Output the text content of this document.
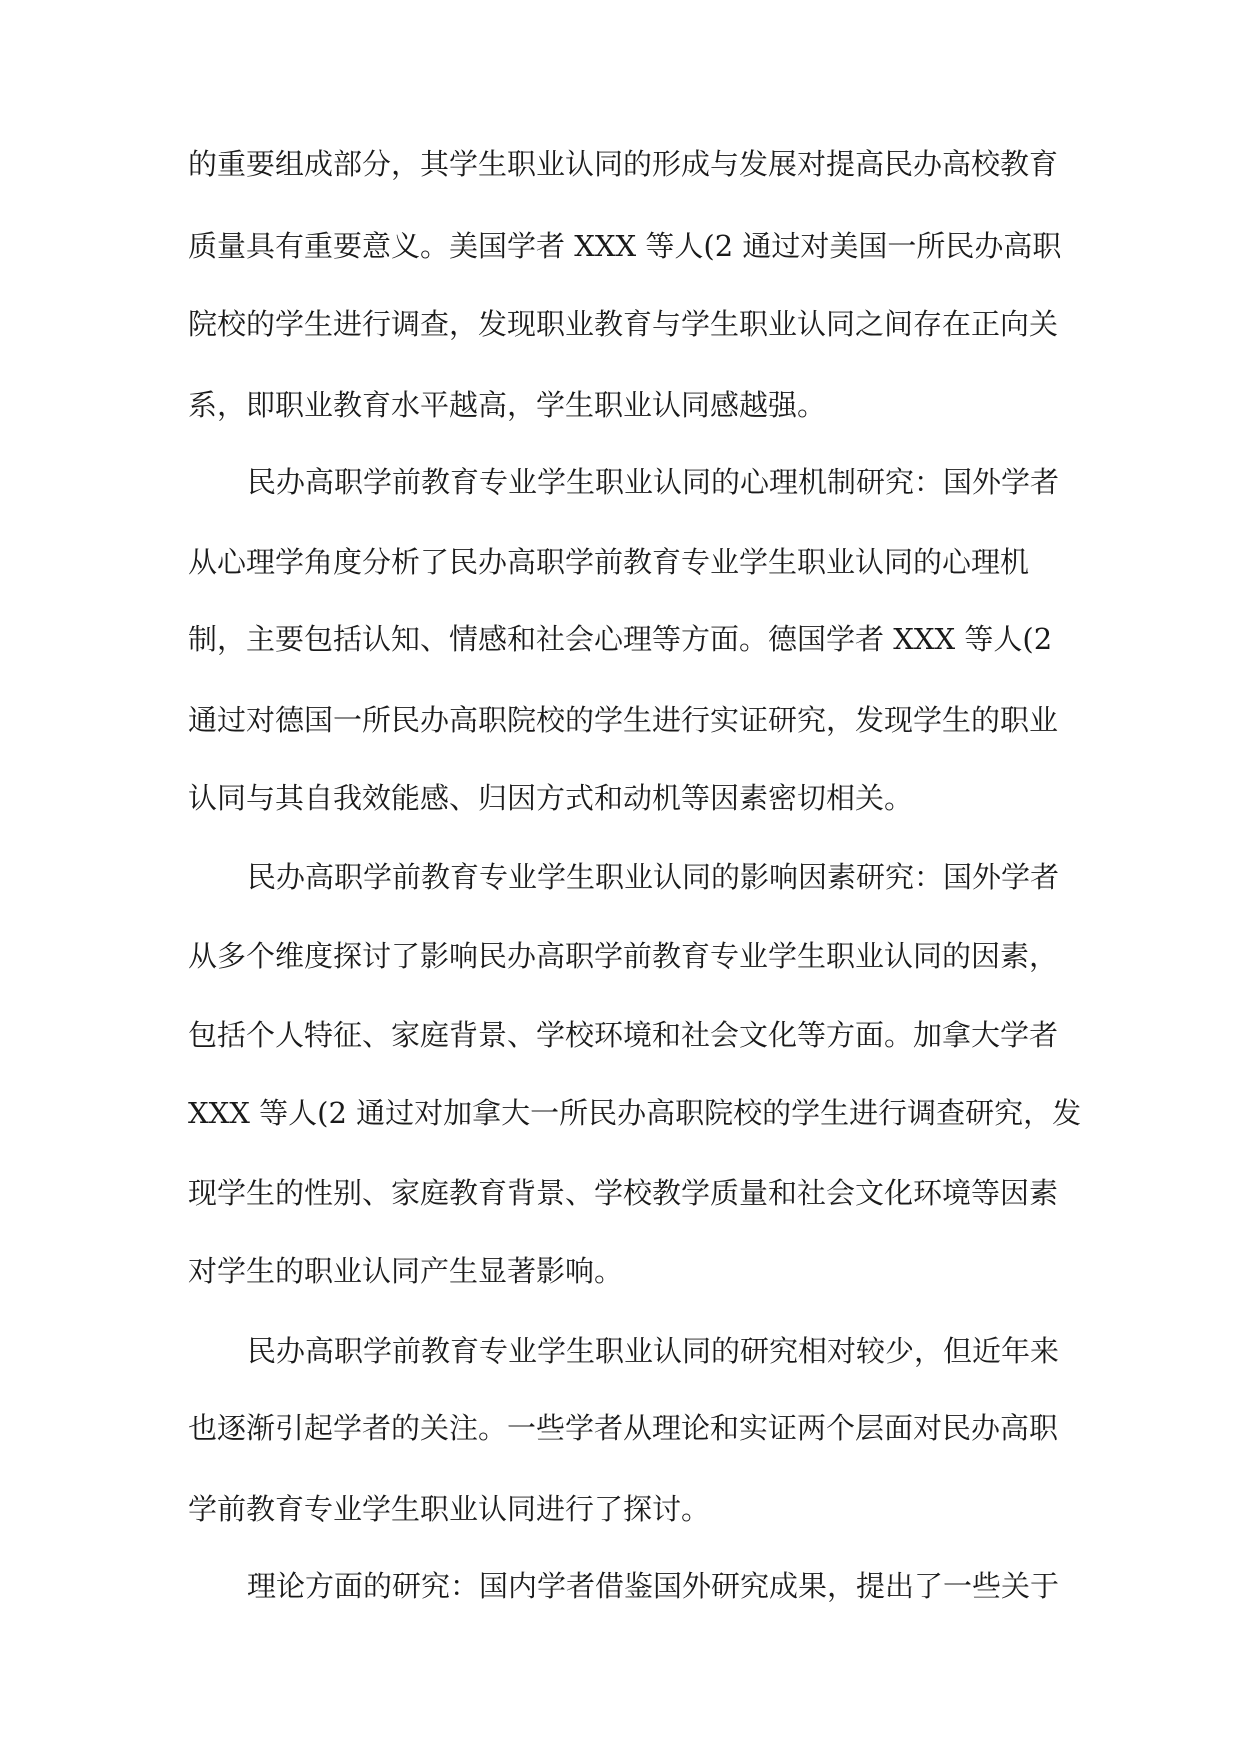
的重要组成部分，其学生职业认同的形成与发展对提高民办高校教育
质量具有重要意义。美国学者 XXX 等人(2 通过对美国一所民办高职
院校的学生进行调查，发现职业教育与学生职业认同之间存在正向关
系，即职业教育水平越高，学生职业认同感越强。
民办高职学前教育专业学生职业认同的心理机制研究：国外学者
从心理学角度分析了民办高职学前教育专业学生职业认同的心理机
制，主要包括认知、情感和社会心理等方面。德国学者 XXX 等人(2
通过对德国一所民办高职院校的学生进行实证研究，发现学生的职业
认同与其自我效能感、归因方式和动机等因素密切相关。
民办高职学前教育专业学生职业认同的影响因素研究：国外学者
从多个维度探讨了影响民办高职学前教育专业学生职业认同的因素，
包括个人特征、家庭背景、学校环境和社会文化等方面。加拿大学者
XXX 等人(2 通过对加拿大一所民办高职院校的学生进行调查研究，发
现学生的性别、家庭教育背景、学校教学质量和社会文化环境等因素
对学生的职业认同产生显著影响。
民办高职学前教育专业学生职业认同的研究相对较少，但近年来
也逐渐引起学者的关注。一些学者从理论和实证两个层面对民办高职
学前教育专业学生职业认同进行了探讨。
理论方面的研究：国内学者借鉴国外研究成果，提出了一些关于
